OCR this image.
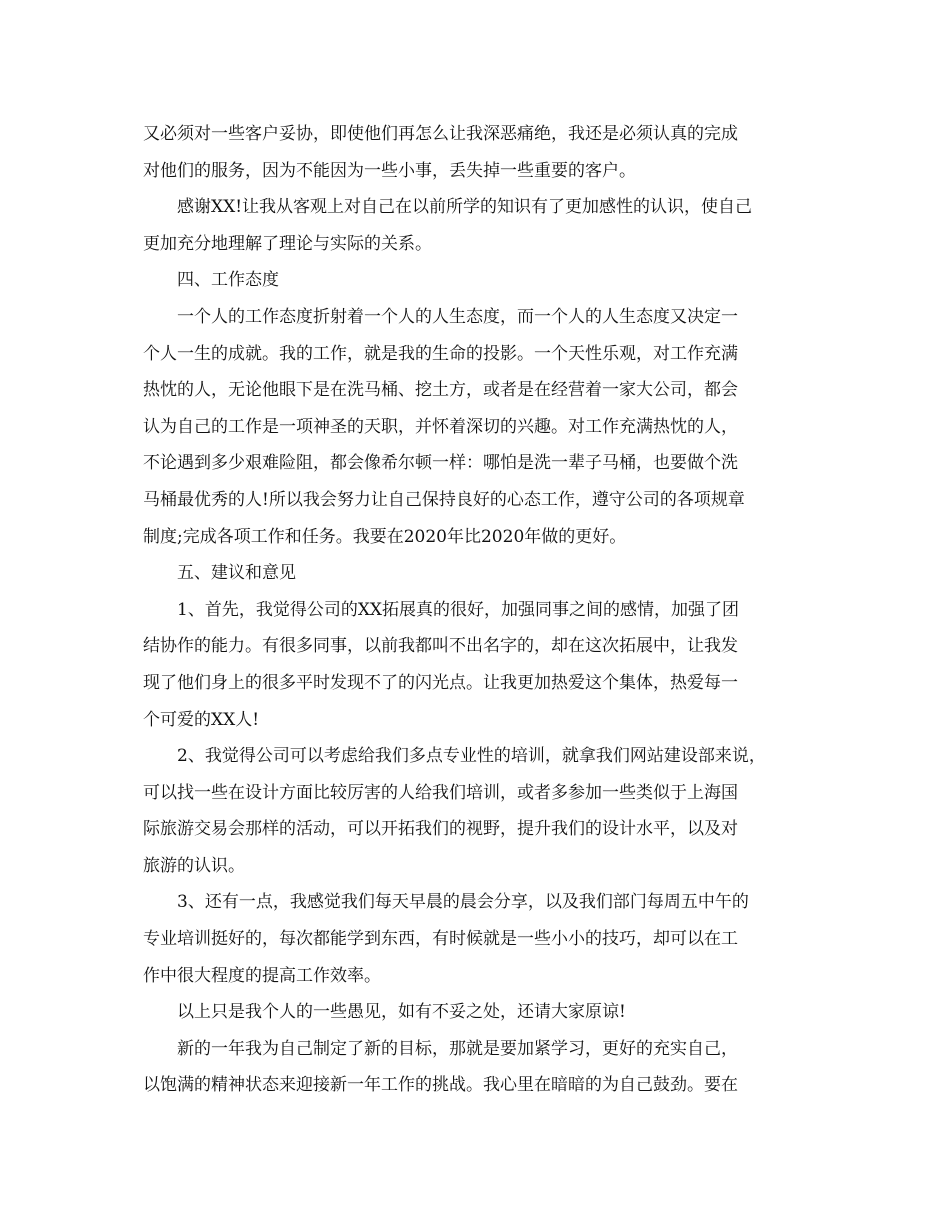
又必须对一些客户妥协，即使他们再怎么让我深恶痛绝，我还是必须认真的完成
对他们的服务，因为不能因为一些小事，丢失掉一些重要的客户。
感谢XX!让我从客观上对自己在以前所学的知识有了更加感性的认识，使自己
更加充分地理解了理论与实际的关系。
四、工作态度
一个人的工作态度折射着一个人的人生态度，而一个人的人生态度又决定一
个人一生的成就。我的工作，就是我的生命的投影。一个天性乐观，对工作充满
热忱的人，无论他眼下是在洗马桶、挖土方，或者是在经营着一家大公司，都会
认为自己的工作是一项神圣的天职，并怀着深切的兴趣。对工作充满热忱的人，
不论遇到多少艰难险阻，都会像希尔顿一样：哪怕是洗一辈子马桶，也要做个洗
马桶最优秀的人!所以我会努力让自己保持良好的心态工作，遵守公司的各项规章
制度;完成各项工作和任务。我要在2020年比2020年做的更好。
五、建议和意见
1、首先，我觉得公司的XX拓展真的很好，加强同事之间的感情，加强了团
结协作的能力。有很多同事，以前我都叫不出名字的，却在这次拓展中，让我发
现了他们身上的很多平时发现不了的闪光点。让我更加热爱这个集体，热爱每一
个可爱的XX人!
2、我觉得公司可以考虑给我们多点专业性的培训，就拿我们网站建设部来说，
可以找一些在设计方面比较厉害的人给我们培训，或者多参加一些类似于上海国
际旅游交易会那样的活动，可以开拓我们的视野，提升我们的设计水平，以及对
旅游的认识。
3、还有一点，我感觉我们每天早晨的晨会分享，以及我们部门每周五中午的
专业培训挺好的，每次都能学到东西，有时候就是一些小小的技巧，却可以在工
作中很大程度的提高工作效率。
以上只是我个人的一些愚见，如有不妥之处，还请大家原谅!
新的一年我为自己制定了新的目标，那就是要加紧学习，更好的充实自己，
以饱满的精神状态来迎接新一年工作的挑战。我心里在暗暗的为自己鼓劲。要在
